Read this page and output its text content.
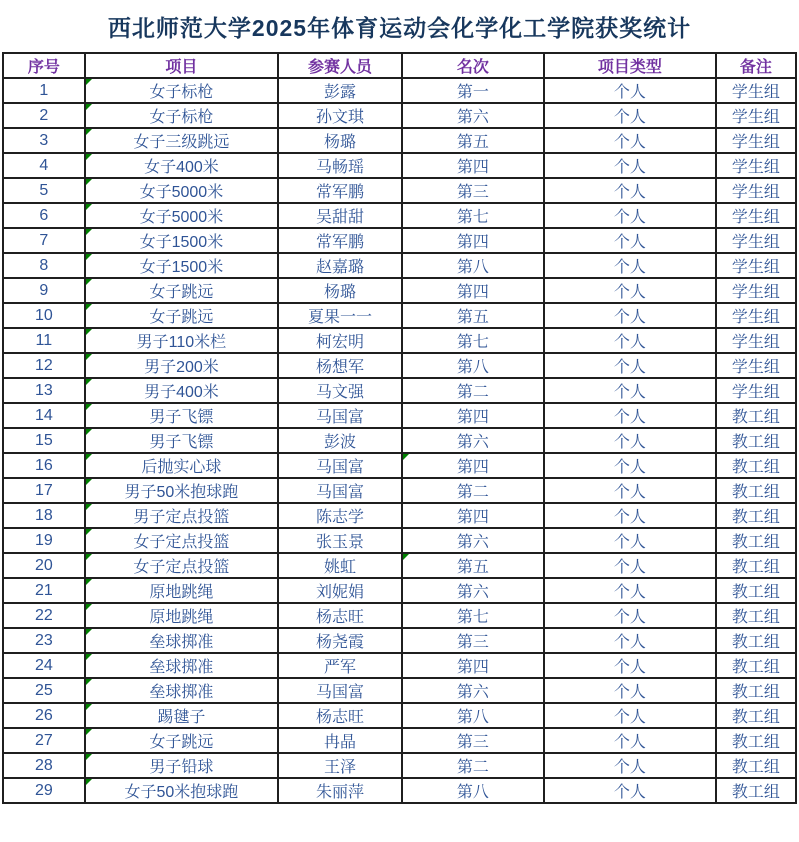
西北师范大学2025年体育运动会化学化工学院获奖统计
序号	项目	参赛人员	名次	项目类型	备注
1	女子标枪	彭露	第一	个人	学生组
2	女子标枪	孙文琪	第六	个人	学生组
3	女子三级跳远	杨璐	第五	个人	学生组
4	女子400米	马畅瑶	第四	个人	学生组
5	女子5000米	常军鹏	第三	个人	学生组
6	女子5000米	吴甜甜	第七	个人	学生组
7	女子1500米	常军鹏	第四	个人	学生组
8	女子1500米	赵嘉璐	第八	个人	学生组
9	女子跳远	杨璐	第四	个人	学生组
10	女子跳远	夏果一一	第五	个人	学生组
11	男子110米栏	柯宏明	第七	个人	学生组
12	男子200米	杨想军	第八	个人	学生组
13	男子400米	马文强	第二	个人	学生组
14	男子飞镖	马国富	第四	个人	教工组
15	男子飞镖	彭波	第六	个人	教工组
16	后抛实心球	马国富	第四	个人	教工组
17	男子50米抱球跑	马国富	第二	个人	教工组
18	男子定点投篮	陈志学	第四	个人	教工组
19	女子定点投篮	张玉景	第六	个人	教工组
20	女子定点投篮	姚虹	第五	个人	教工组
21	原地跳绳	刘妮娟	第六	个人	教工组
22	原地跳绳	杨志旺	第七	个人	教工组
23	垒球掷准	杨尧霞	第三	个人	教工组
24	垒球掷准	严军	第四	个人	教工组
25	垒球掷准	马国富	第六	个人	教工组
26	踢毽子	杨志旺	第八	个人	教工组
27	女子跳远	冉晶	第三	个人	教工组
28	男子铅球	王泽	第二	个人	教工组
29	女子50米抱球跑	朱丽萍	第八	个人	教工组
